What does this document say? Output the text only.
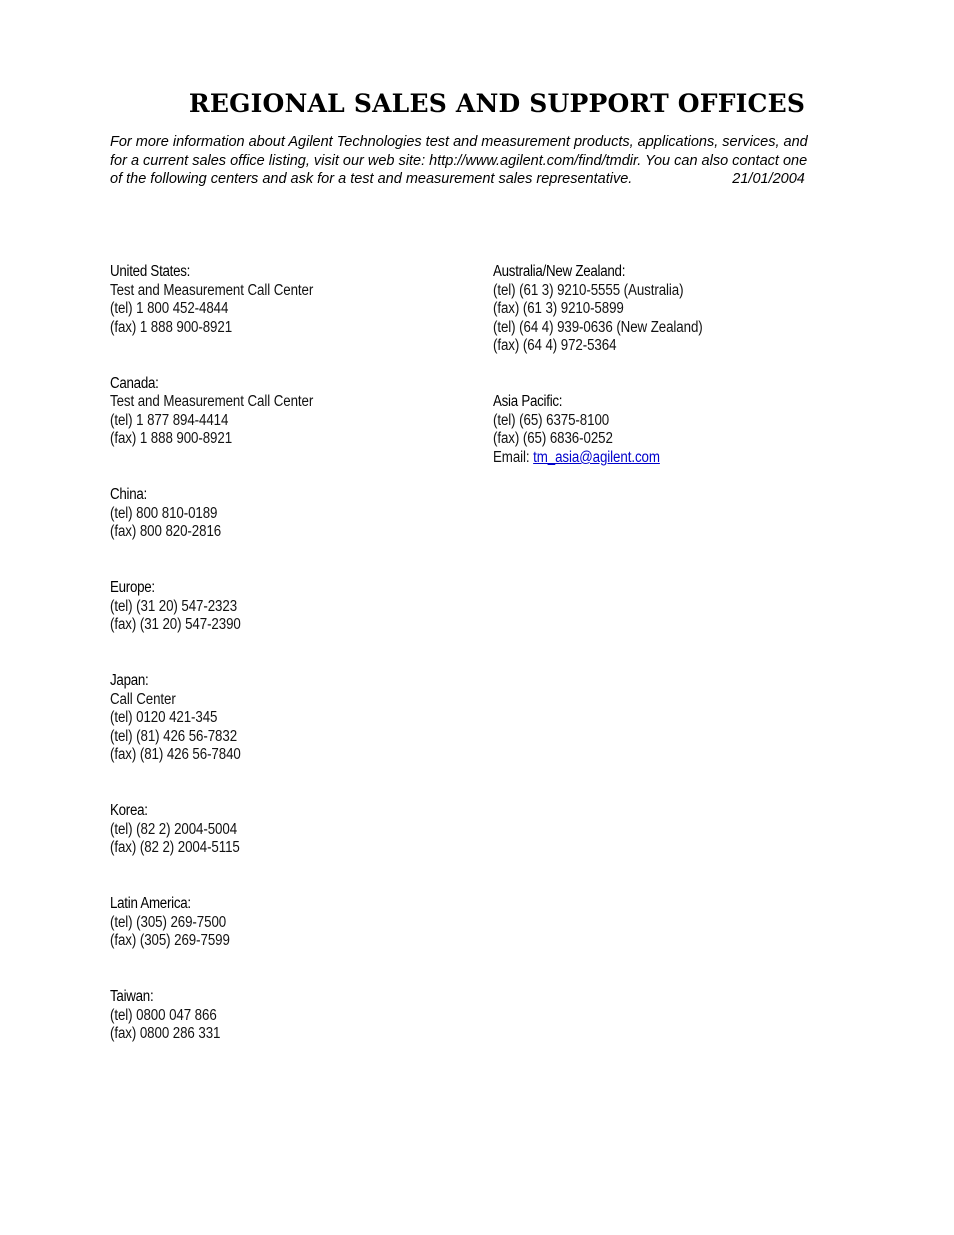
REGIONAL SALES AND SUPPORT OFFICES
For more information about Agilent Technologies test and measurement products, applications, services, and
for a current sales office listing, visit our web site: http://www.agilent.com/find/tmdir. You can also contact one
of the following centers and ask for a test and measurement sales representative.	21/01/2004
United States:
Test and Measurement Call Center
(tel) 1 800 452-4844
(fax) 1 888 900-8921
Canada:
Test and Measurement Call Center
(tel) 1 877 894-4414
(fax) 1 888 900-8921
China:
(tel) 800 810-0189
(fax) 800 820-2816
Europe:
(tel) (31 20) 547-2323
(fax) (31 20) 547-2390
Japan:
Call Center
(tel) 0120 421-345
(tel) (81) 426 56-7832
(fax) (81) 426 56-7840
Korea:
(tel) (82 2) 2004-5004
(fax) (82 2) 2004-5115
Latin America:
(tel) (305) 269-7500
(fax) (305) 269-7599
Taiwan:
(tel) 0800 047 866
(fax) 0800 286 331
Australia/New Zealand:
(tel) (61 3) 9210-5555 (Australia)
(fax) (61 3) 9210-5899
(tel) (64 4) 939-0636 (New Zealand)
(fax) (64 4) 972-5364
Asia Pacific:
(tel) (65) 6375-8100
(fax) (65) 6836-0252
Email: tm_asia@agilent.com
